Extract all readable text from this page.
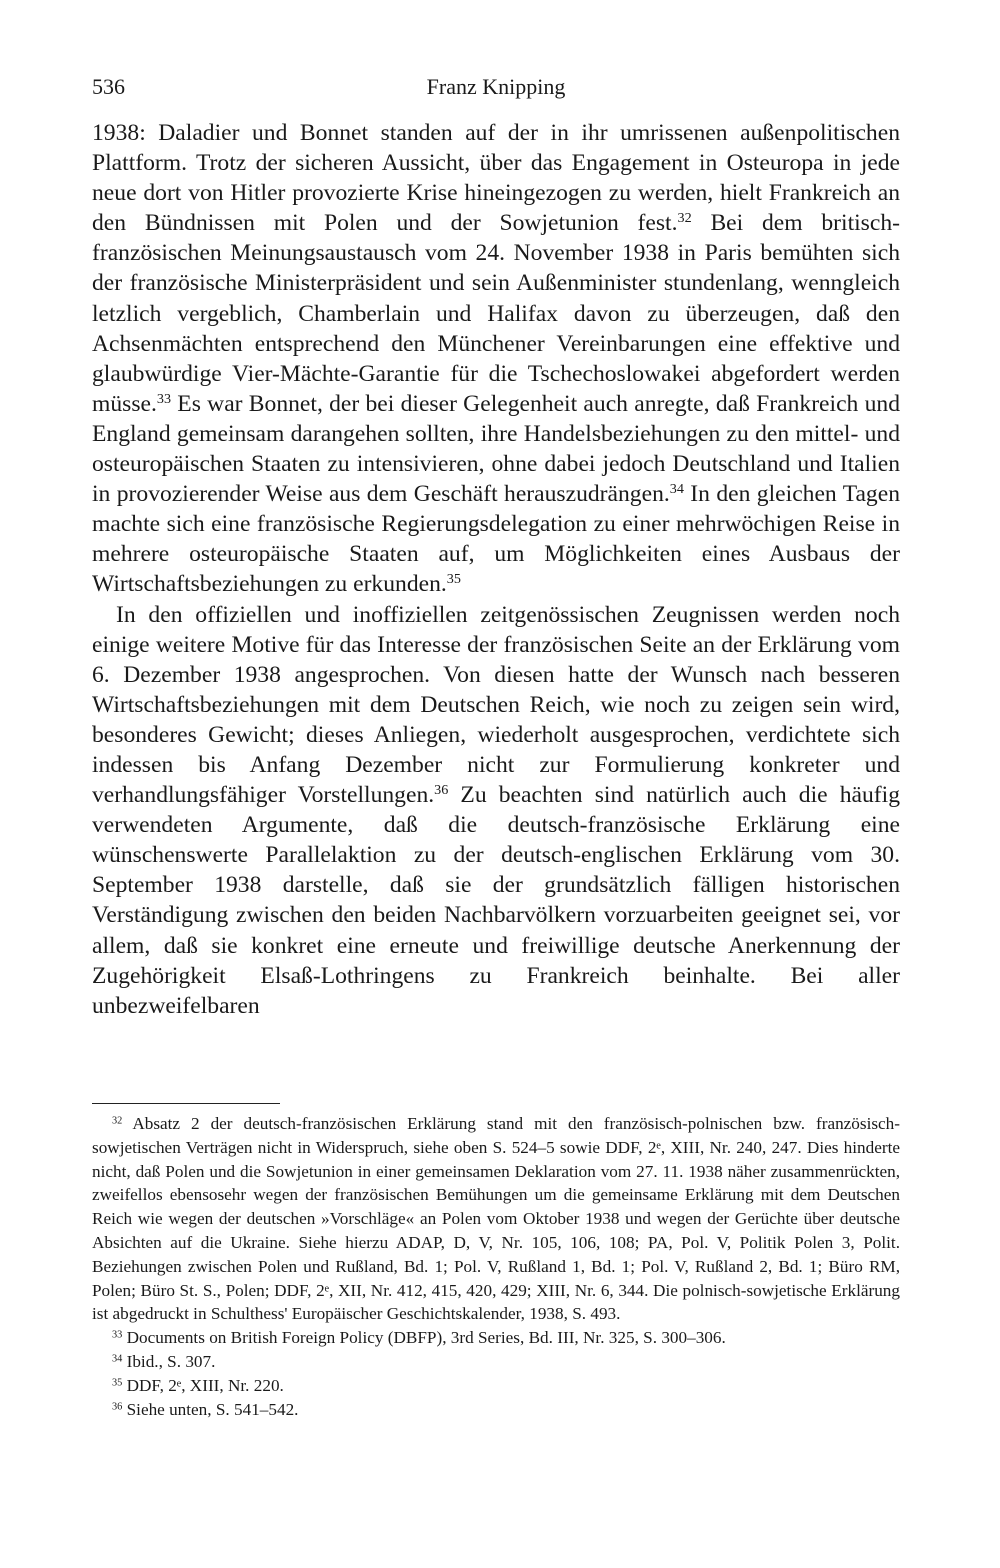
536	Franz Knipping

1938: Daladier und Bonnet standen auf der in ihr umrissenen außenpolitischen Plattform. Trotz der sicheren Aussicht, über das Engagement in Osteuropa in jede neue dort von Hitler provozierte Krise hineingezogen zu werden, hielt Frankreich an den Bündnissen mit Polen und der Sowjetunion fest.$^{32}$ Bei dem britisch-französischen Meinungsaustausch vom 24. November 1938 in Paris bemühten sich der französische Ministerpräsident und sein Außenminister stundenlang, wenngleich letzlich vergeblich, Chamberlain und Halifax davon zu überzeugen, daß den Achsenmächten entsprechend den Münchener Vereinbarungen eine effektive und glaubwürdige Vier-Mächte-Garantie für die Tschechoslowakei abgefordert werden müsse.$^{33}$ Es war Bonnet, der bei dieser Gelegenheit auch anregte, daß Frankreich und England gemeinsam darangehen sollten, ihre Handelsbeziehungen zu den mittel- und osteuropäischen Staaten zu intensivieren, ohne dabei jedoch Deutschland und Italien in provozierender Weise aus dem Geschäft herauszudrängen.$^{34}$ In den gleichen Tagen machte sich eine französische Regierungsdelegation zu einer mehrwöchigen Reise in mehrere osteuropäische Staaten auf, um Möglichkeiten eines Ausbaus der Wirtschaftsbeziehungen zu erkunden.$^{35}$

In den offiziellen und inoffiziellen zeitgenössischen Zeugnissen werden noch einige weitere Motive für das Interesse der französischen Seite an der Erklärung vom 6. Dezember 1938 angesprochen. Von diesen hatte der Wunsch nach besseren Wirtschaftsbeziehungen mit dem Deutschen Reich, wie noch zu zeigen sein wird, besonderes Gewicht; dieses Anliegen, wiederholt ausgesprochen, verdichtete sich indessen bis Anfang Dezember nicht zur Formulierung konkreter und verhandlungsfähiger Vorstellungen.$^{36}$ Zu beachten sind natürlich auch die häufig verwendeten Argumente, daß die deutsch-französische Erklärung eine wünschenswerte Parallelaktion zu der deutsch-englischen Erklärung vom 30. September 1938 darstelle, daß sie der grundsätzlich fälligen historischen Verständigung zwischen den beiden Nachbarvölkern vorzuarbeiten geeignet sei, vor allem, daß sie konkret eine erneute und freiwillige deutsche Anerkennung der Zugehörigkeit Elsaß-Lothringens zu Frankreich beinhalte. Bei aller unbezweifelbaren

$^{32}$ Absatz 2 der deutsch-französischen Erklärung stand mit den französisch-polnischen bzw. französisch-sowjetischen Verträgen nicht in Widerspruch, siehe oben S. 524–5 sowie DDF, 2ᵉ, XIII, Nr. 240, 247. Dies hinderte nicht, daß Polen und die Sowjetunion in einer gemeinsamen Deklaration vom 27. 11. 1938 näher zusammenrückten, zweifellos ebensosehr wegen der französischen Bemühungen um die gemeinsame Erklärung mit dem Deutschen Reich wie wegen der deutschen »Vorschläge« an Polen vom Oktober 1938 und wegen der Gerüchte über deutsche Absichten auf die Ukraine. Siehe hierzu ADAP, D, V, Nr. 105, 106, 108; PA, Pol. V, Politik Polen 3, Polit. Beziehungen zwischen Polen und Rußland, Bd. 1; Pol. V, Rußland 1, Bd. 1; Pol. V, Rußland 2, Bd. 1; Büro RM, Polen; Büro St. S., Polen; DDF, 2ᵉ, XII, Nr. 412, 415, 420, 429; XIII, Nr. 6, 344. Die polnisch-sowjetische Erklärung ist abgedruckt in Schulthess' Europäischer Geschichtskalender, 1938, S. 493.

$^{33}$ Documents on British Foreign Policy (DBFP), 3rd Series, Bd. III, Nr. 325, S. 300–306.

$^{34}$ Ibid., S. 307.

$^{35}$ DDF, 2ᵉ, XIII, Nr. 220.

$^{36}$ Siehe unten, S. 541–542.
